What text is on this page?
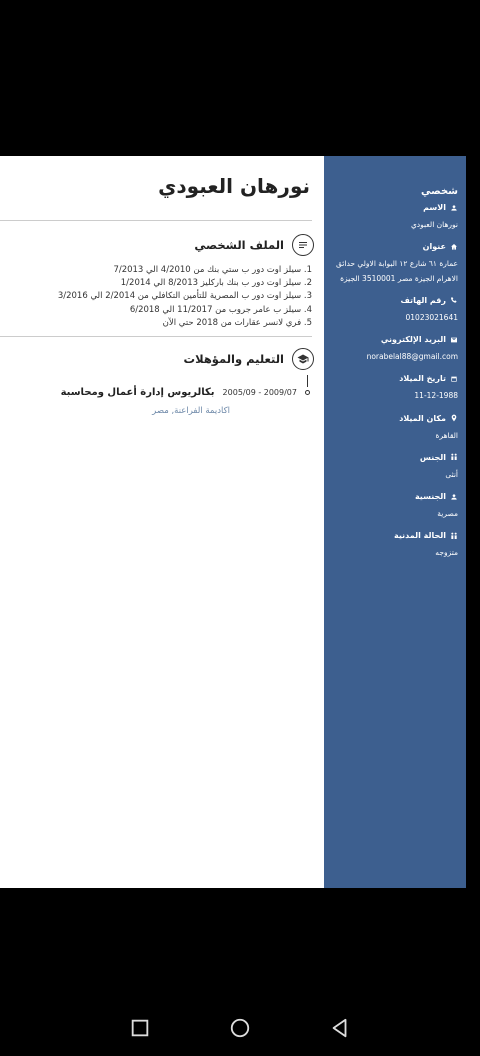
نورهان العبودي
الملف الشخصي
1. سيلز اوت دور ب ستي بنك من 4/2010 الي 7/2013
2. سيلز اوت دور ب بنك باركليز 8/2013 الي 1/2014
3. سيلز اوت دور ب المصرية للتأمين التكافلي من 2/2014 الي 3/2016
4. سيلز ب عامر جروب من 11/2017 الي 6/2018
5. فري لانسر عقارات من 2018 حتي الآن
التعليم والمؤهلات
2005/09 - 2009/07
بكالريوس إدارة أعمال ومحاسبة
اكاديمة الفراعنة, مصر
شخصي
الاسم
نورهان العبودي
عنوان
عمارة ٦١ شارع ١٢ البوابة الاولي حدائق الاهرام الجيزة مصر 3510001 الجيزة
رقم الهاتف
01023021641
البريد الإلكتروني
norabelal88@gmail.com
تاريخ الميلاد
11-12-1988
مكان الميلاد
القاهرة
الجنس
أنثى
الجنسية
مصرية
الحالة المدنية
متزوجه
